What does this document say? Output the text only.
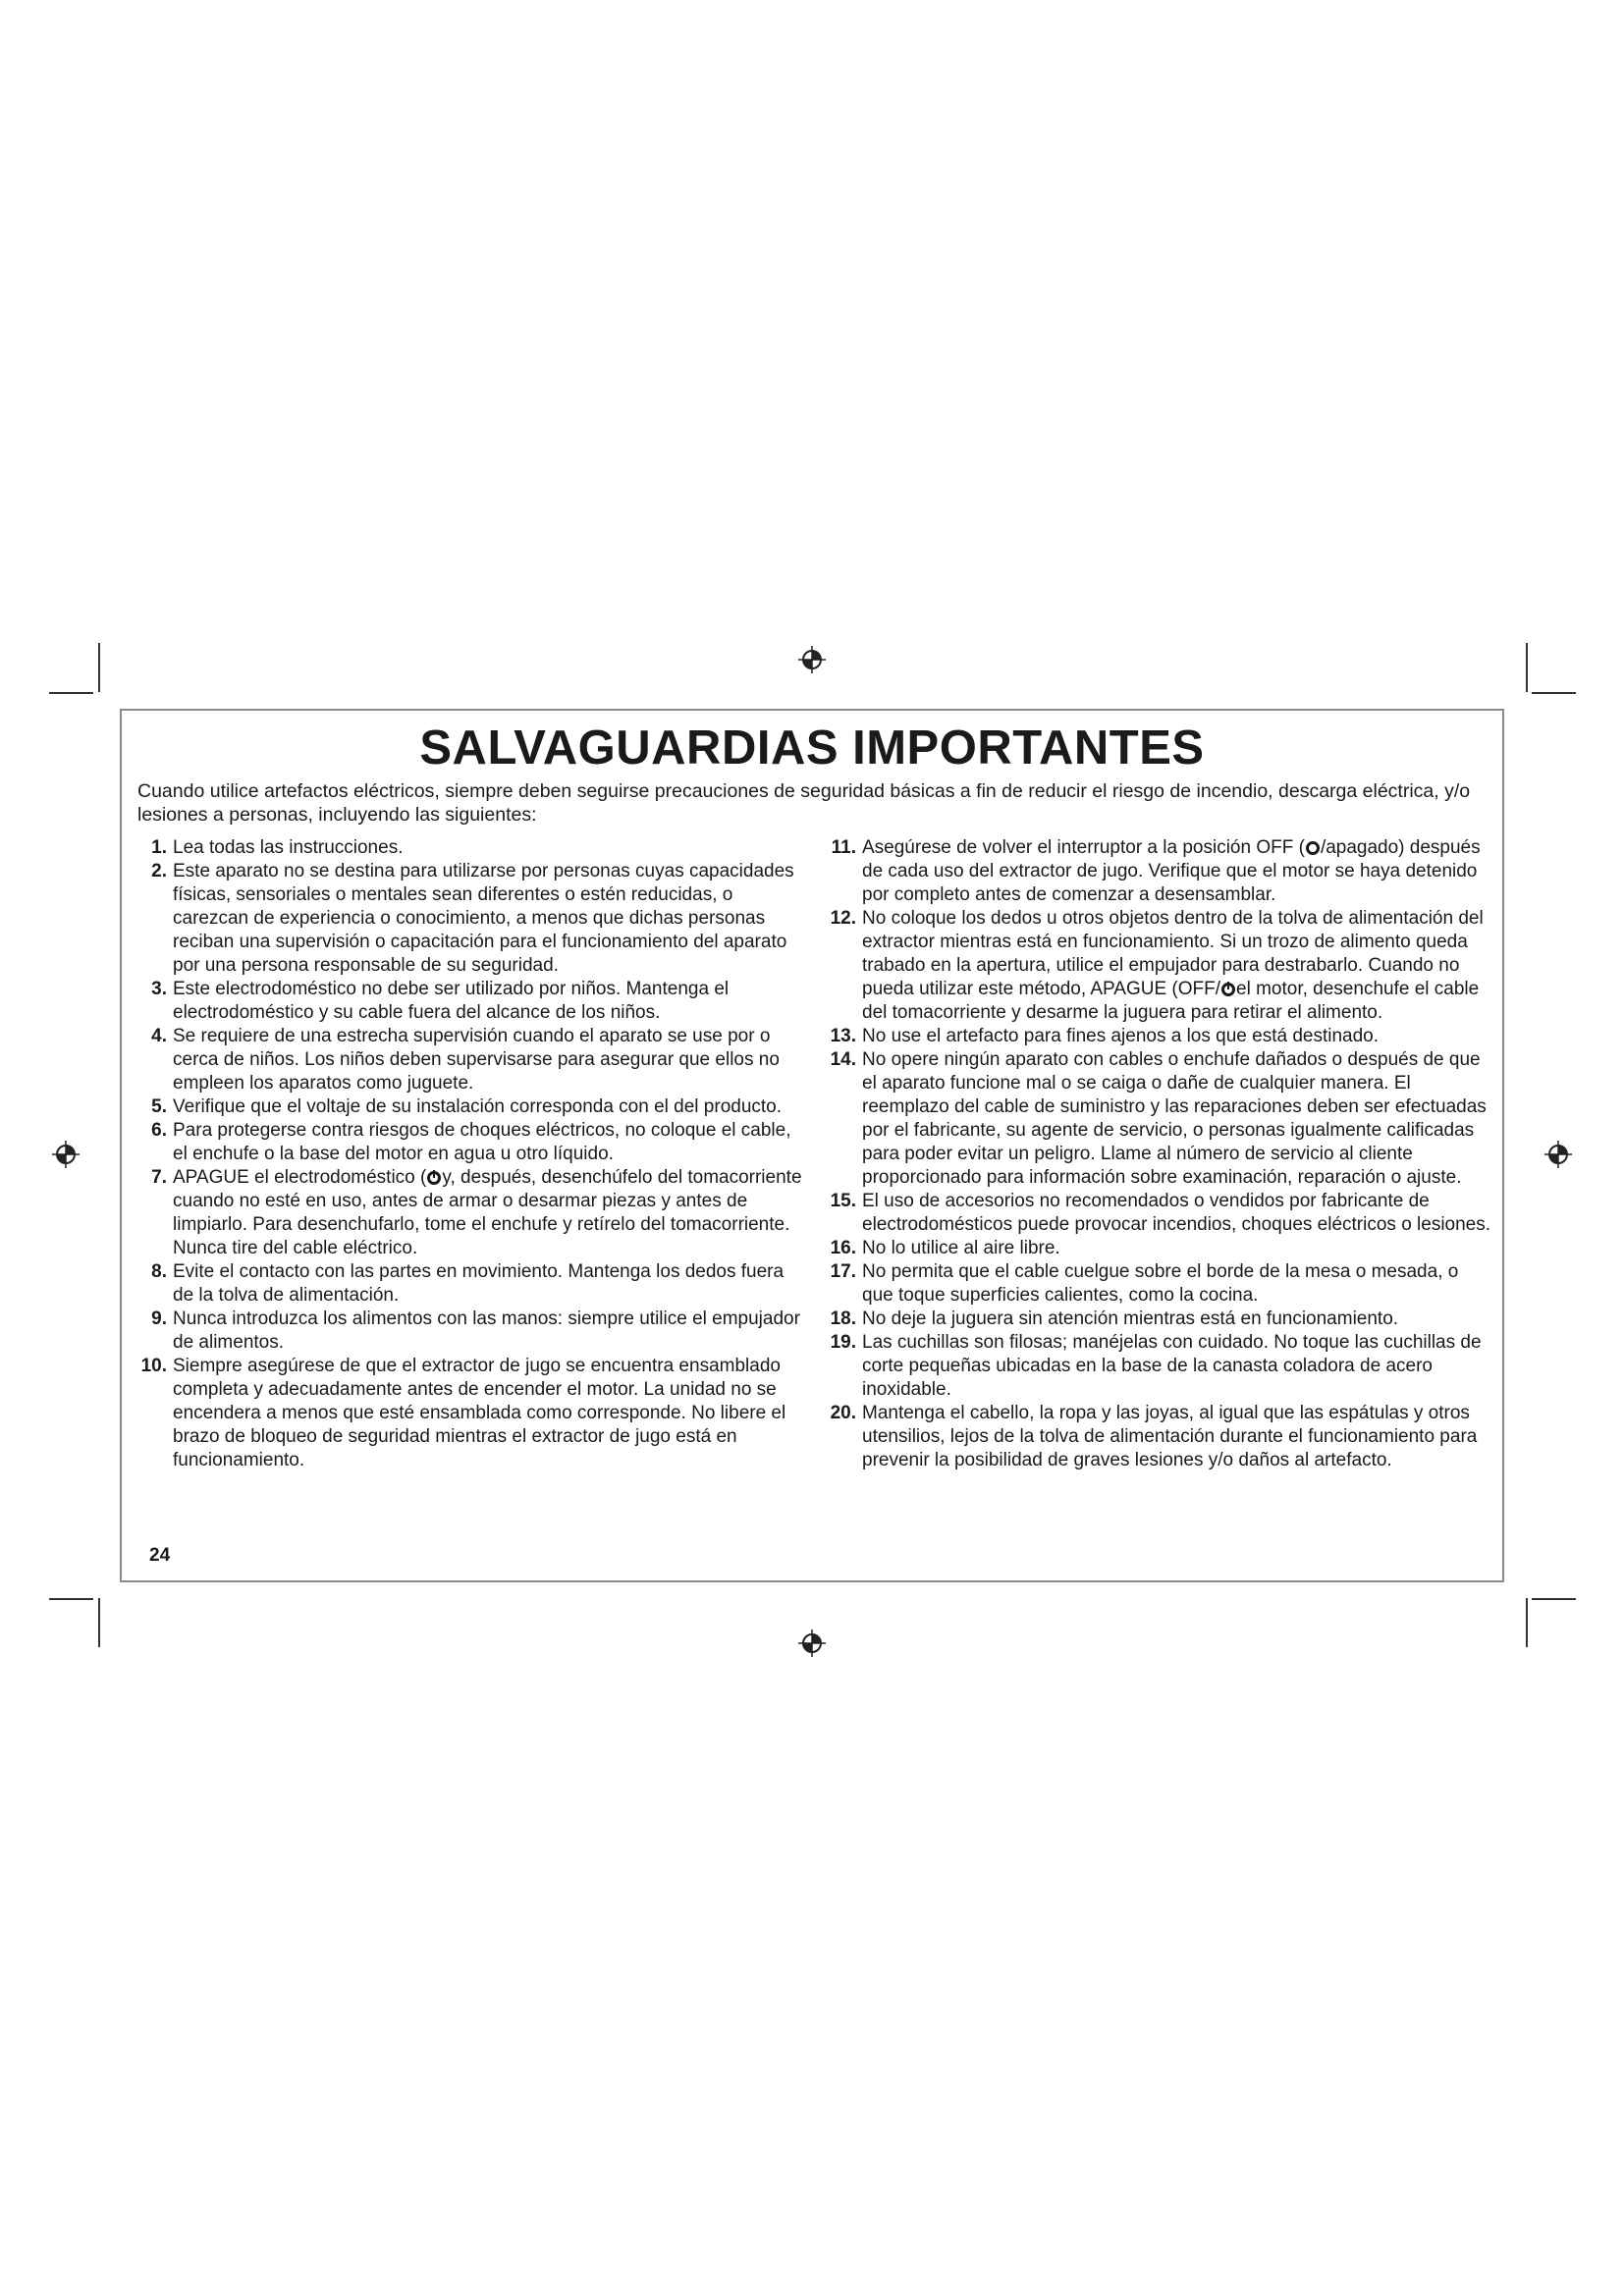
SALVAGUARDIAS IMPORTANTES

Cuando utilice artefactos eléctricos, siempre deben seguirse precauciones de seguridad básicas a fin de reducir el riesgo de incendio, descarga eléctrica, y/o lesiones a personas, incluyendo las siguientes:

1. Lea todas las instrucciones.
2. Este aparato no se destina para utilizarse por personas cuyas capacidades físicas, sensoriales o mentales sean diferentes o estén reducidas, o carezcan de experiencia o conocimiento, a menos que dichas personas reciban una supervisión o capacitación para el funcionamiento del aparato por una persona responsable de su seguridad.
3. Este electrodoméstico no debe ser utilizado por niños. Mantenga el electrodoméstico y su cable fuera del alcance de los niños.
4. Se requiere de una estrecha supervisión cuando el aparato se use por o cerca de niños. Los niños deben supervisarse para asegurar que ellos no empleen los aparatos como juguete.
5. Verifique que el voltaje de su instalación corresponda con el del producto.
6. Para protegerse contra riesgos de choques eléctricos, no coloque el cable, el enchufe o la base del motor en agua u otro líquido.
7. APAGUE el electrodoméstico ( y, después, desenchúfelo del tomacorriente cuando no esté en uso, antes de armar o desarmar piezas y antes de limpiarlo. Para desenchufarlo, tome el enchufe y retírelo del tomacorriente. Nunca tire del cable eléctrico.
8. Evite el contacto con las partes en movimiento. Mantenga los dedos fuera de la tolva de alimentación.
9. Nunca introduzca los alimentos con las manos: siempre utilice el empujador de alimentos.
10. Siempre asegúrese de que el extractor de jugo se encuentra ensamblado completa y adecuadamente antes de encender el motor. La unidad no se encendera a menos que esté ensamblada como corresponde. No libere el brazo de bloqueo de seguridad mientras el extractor de jugo está en funcionamiento.
11. Asegúrese de volver el interruptor a la posición OFF ( /apagado) después de cada uso del extractor de jugo. Verifique que el motor se haya detenido por completo antes de comenzar a desensamblar.
12. No coloque los dedos u otros objetos dentro de la tolva de alimentación del extractor mientras está en funcionamiento. Si un trozo de alimento queda trabado en la apertura, utilice el empujador para destrabarlo. Cuando no pueda utilizar este método, APAGUE (OFF/ el motor, desenchufe el cable del tomacorriente y desarme la juguera para retirar el alimento.
13. No use el artefacto para fines ajenos a los que está destinado.
14. No opere ningún aparato con cables o enchufe dañados o después de que el aparato funcione mal o se caiga o dañe de cualquier manera. El reemplazo del cable de suministro y las reparaciones deben ser efectuadas por el fabricante, su agente de servicio, o personas igualmente calificadas para poder evitar un peligro. Llame al número de servicio al cliente proporcionado para información sobre examinación, reparación o ajuste.
15. El uso de accesorios no recomendados o vendidos por fabricante de electrodomésticos puede provocar incendios, choques eléctricos o lesiones.
16. No lo utilice al aire libre.
17. No permita que el cable cuelgue sobre el borde de la mesa o mesada, o que toque superficies calientes, como la cocina.
18. No deje la juguera sin atención mientras está en funcionamiento.
19. Las cuchillas son filosas; manéjelas con cuidado. No toque las cuchillas de corte pequeñas ubicadas en la base de la canasta coladora de acero inoxidable.
20. Mantenga el cabello, la ropa y las joyas, al igual que las espátulas y otros utensilios, lejos de la tolva de alimentación durante el funcionamiento para prevenir la posibilidad de graves lesiones y/o daños al artefacto.

24
